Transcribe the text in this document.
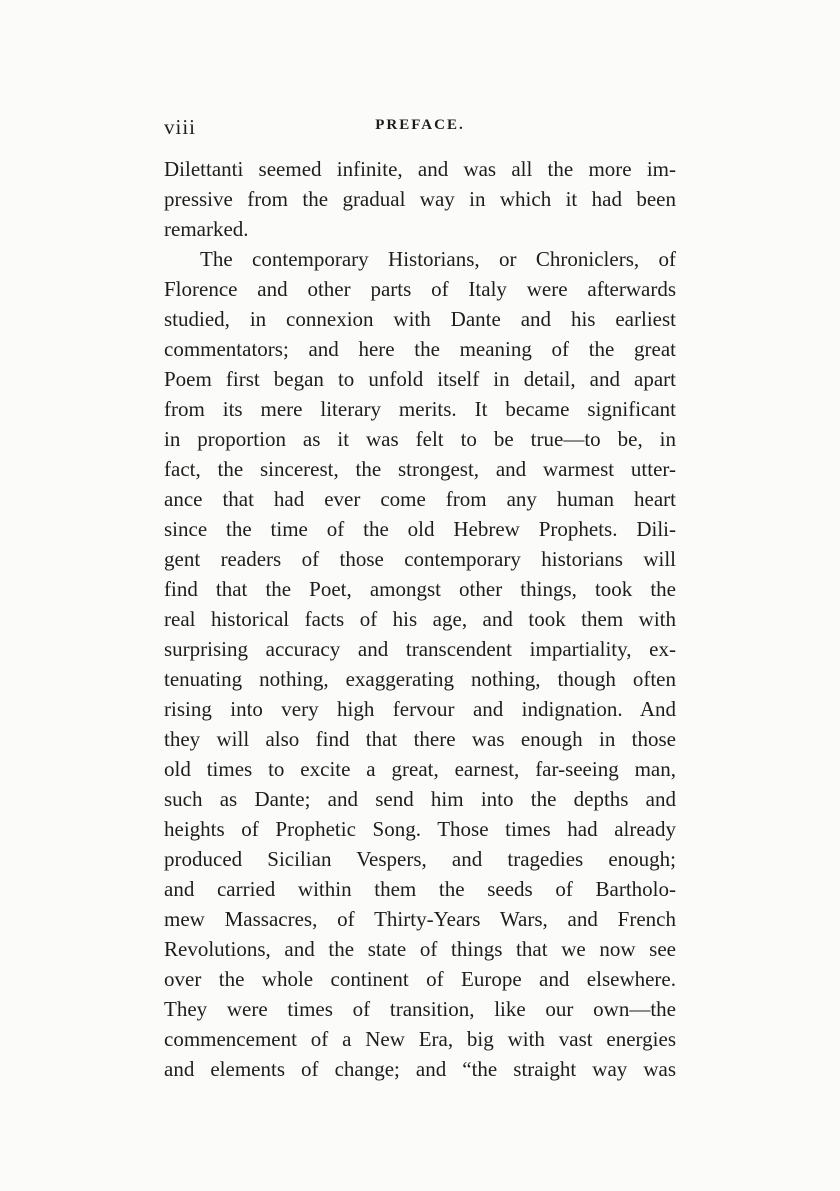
viii	PREFACE.
Dilettanti seemed infinite, and was all the more im-
pressive from the gradual way in which it had been
remarked.
The contemporary Historians, or Chroniclers, of
Florence and other parts of Italy were afterwards
studied, in connexion with Dante and his earliest
commentators; and here the meaning of the great
Poem first began to unfold itself in detail, and apart
from its mere literary merits. It became significant
in proportion as it was felt to be true—to be, in
fact, the sincerest, the strongest, and warmest utter-
ance that had ever come from any human heart
since the time of the old Hebrew Prophets. Dili-
gent readers of those contemporary historians will
find that the Poet, amongst other things, took the
real historical facts of his age, and took them with
surprising accuracy and transcendent impartiality, ex-
tenuating nothing, exaggerating nothing, though often
rising into very high fervour and indignation. And
they will also find that there was enough in those
old times to excite a great, earnest, far-seeing man,
such as Dante; and send him into the depths and
heights of Prophetic Song. Those times had already
produced Sicilian Vespers, and tragedies enough;
and carried within them the seeds of Bartholo-
mew Massacres, of Thirty-Years Wars, and French
Revolutions, and the state of things that we now see
over the whole continent of Europe and elsewhere.
They were times of transition, like our own—the
commencement of a New Era, big with vast energies
and elements of change; and “the straight way was
